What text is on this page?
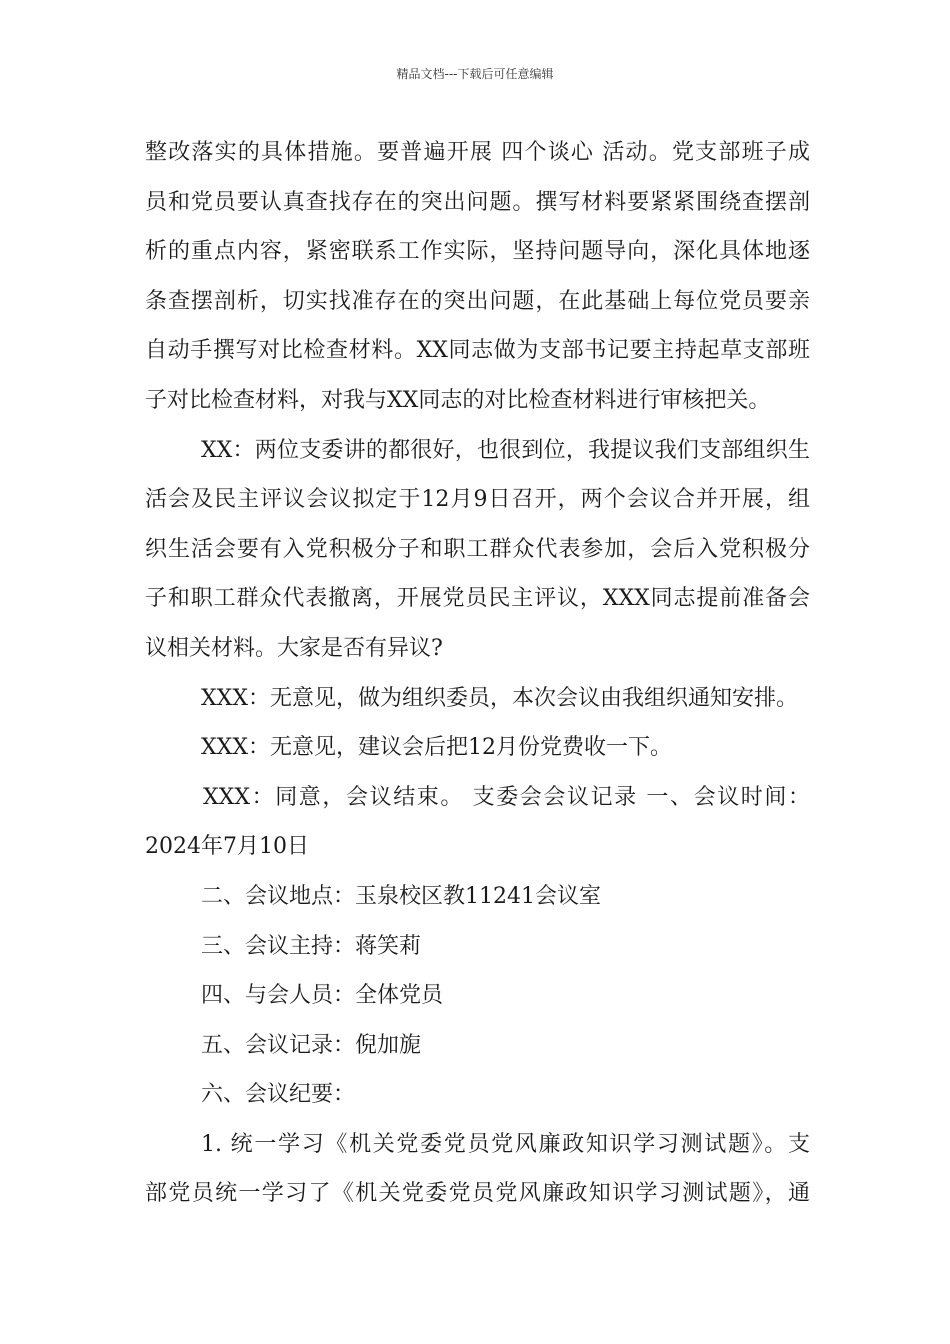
精品文档---下载后可任意编辑
整改落实的具体措施。要普遍开展 四个谈心 活动。党支部班子成
员和党员要认真查找存在的突出问题。撰写材料要紧紧围绕查摆剖
析的重点内容，紧密联系工作实际，坚持问题导向，深化具体地逐
条查摆剖析，切实找准存在的突出问题，在此基础上每位党员要亲
自动手撰写对比检查材料。XX同志做为支部书记要主持起草支部班
子对比检查材料，对我与XX同志的对比检查材料进行审核把关。
XX：两位支委讲的都很好，也很到位，我提议我们支部组织生
活会及民主评议会议拟定于12月9日召开，两个会议合并开展，组
织生活会要有入党积极分子和职工群众代表参加，会后入党积极分
子和职工群众代表撤离，开展党员民主评议，XXX同志提前准备会
议相关材料。大家是否有异议?
XXX：无意见，做为组织委员，本次会议由我组织通知安排。
XXX：无意见，建议会后把12月份党费收一下。
XXX：同意，会议结束。 支委会会议记录 一、会议时间：
2024年7月10日
二、会议地点：玉泉校区教11241会议室
三、会议主持：蒋笑莉
四、与会人员：全体党员
五、会议记录：倪加旎
六、会议纪要：
1. 统一学习《机关党委党员党风廉政知识学习测试题》。支
部党员统一学习了《机关党委党员党风廉政知识学习测试题》，通
